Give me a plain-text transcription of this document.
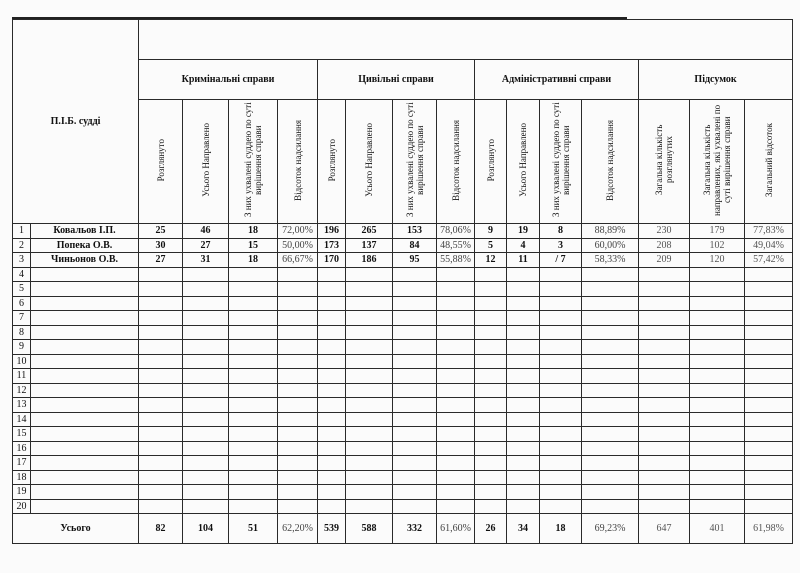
П.І.Б. судді																
		Кримінальні справи				Цивільні справи				Адміністративні справи				Підсумок		
		Розглянуто	Усього Направлено	З них ухвалені суддею по суті вирішення справи	Відсоток надсилання	Розглянуто	Усього Направлено	З них ухвалені суддею по суті вирішення справи	Відсоток надсилання	Розглянуто	Усього Направлено	З них ухвалені суддею по суті вирішення справи	Відсоток надсилання	Загальна кількість розглянутих	Загальна кількість направлених, які ухвалені по суті вирішення справи	Загальний відсоток
1	Ковальов І.П.	25	46	18	72,00%	196	265	153	78,06%	9	19	8	88,89%	230	179	77,83%
2	Попека О.В.	30	27	15	50,00%	173	137	84	48,55%	5	4	3	60,00%	208	102	49,04%
3	Чиньонов О.В.	27	31	18	66,67%	170	186	95	55,88%	12	11	/ 7	58,33%	209	120	57,42%
4																
5																
6																
7																
8																
9																
10																
11																
12																
13																
14																
15																
16																
17																
18																
19																
20																
Усього		82	104	51	62,20%	539	588	332	61,60%	26	34	18	69,23%	647	401	61,98%
